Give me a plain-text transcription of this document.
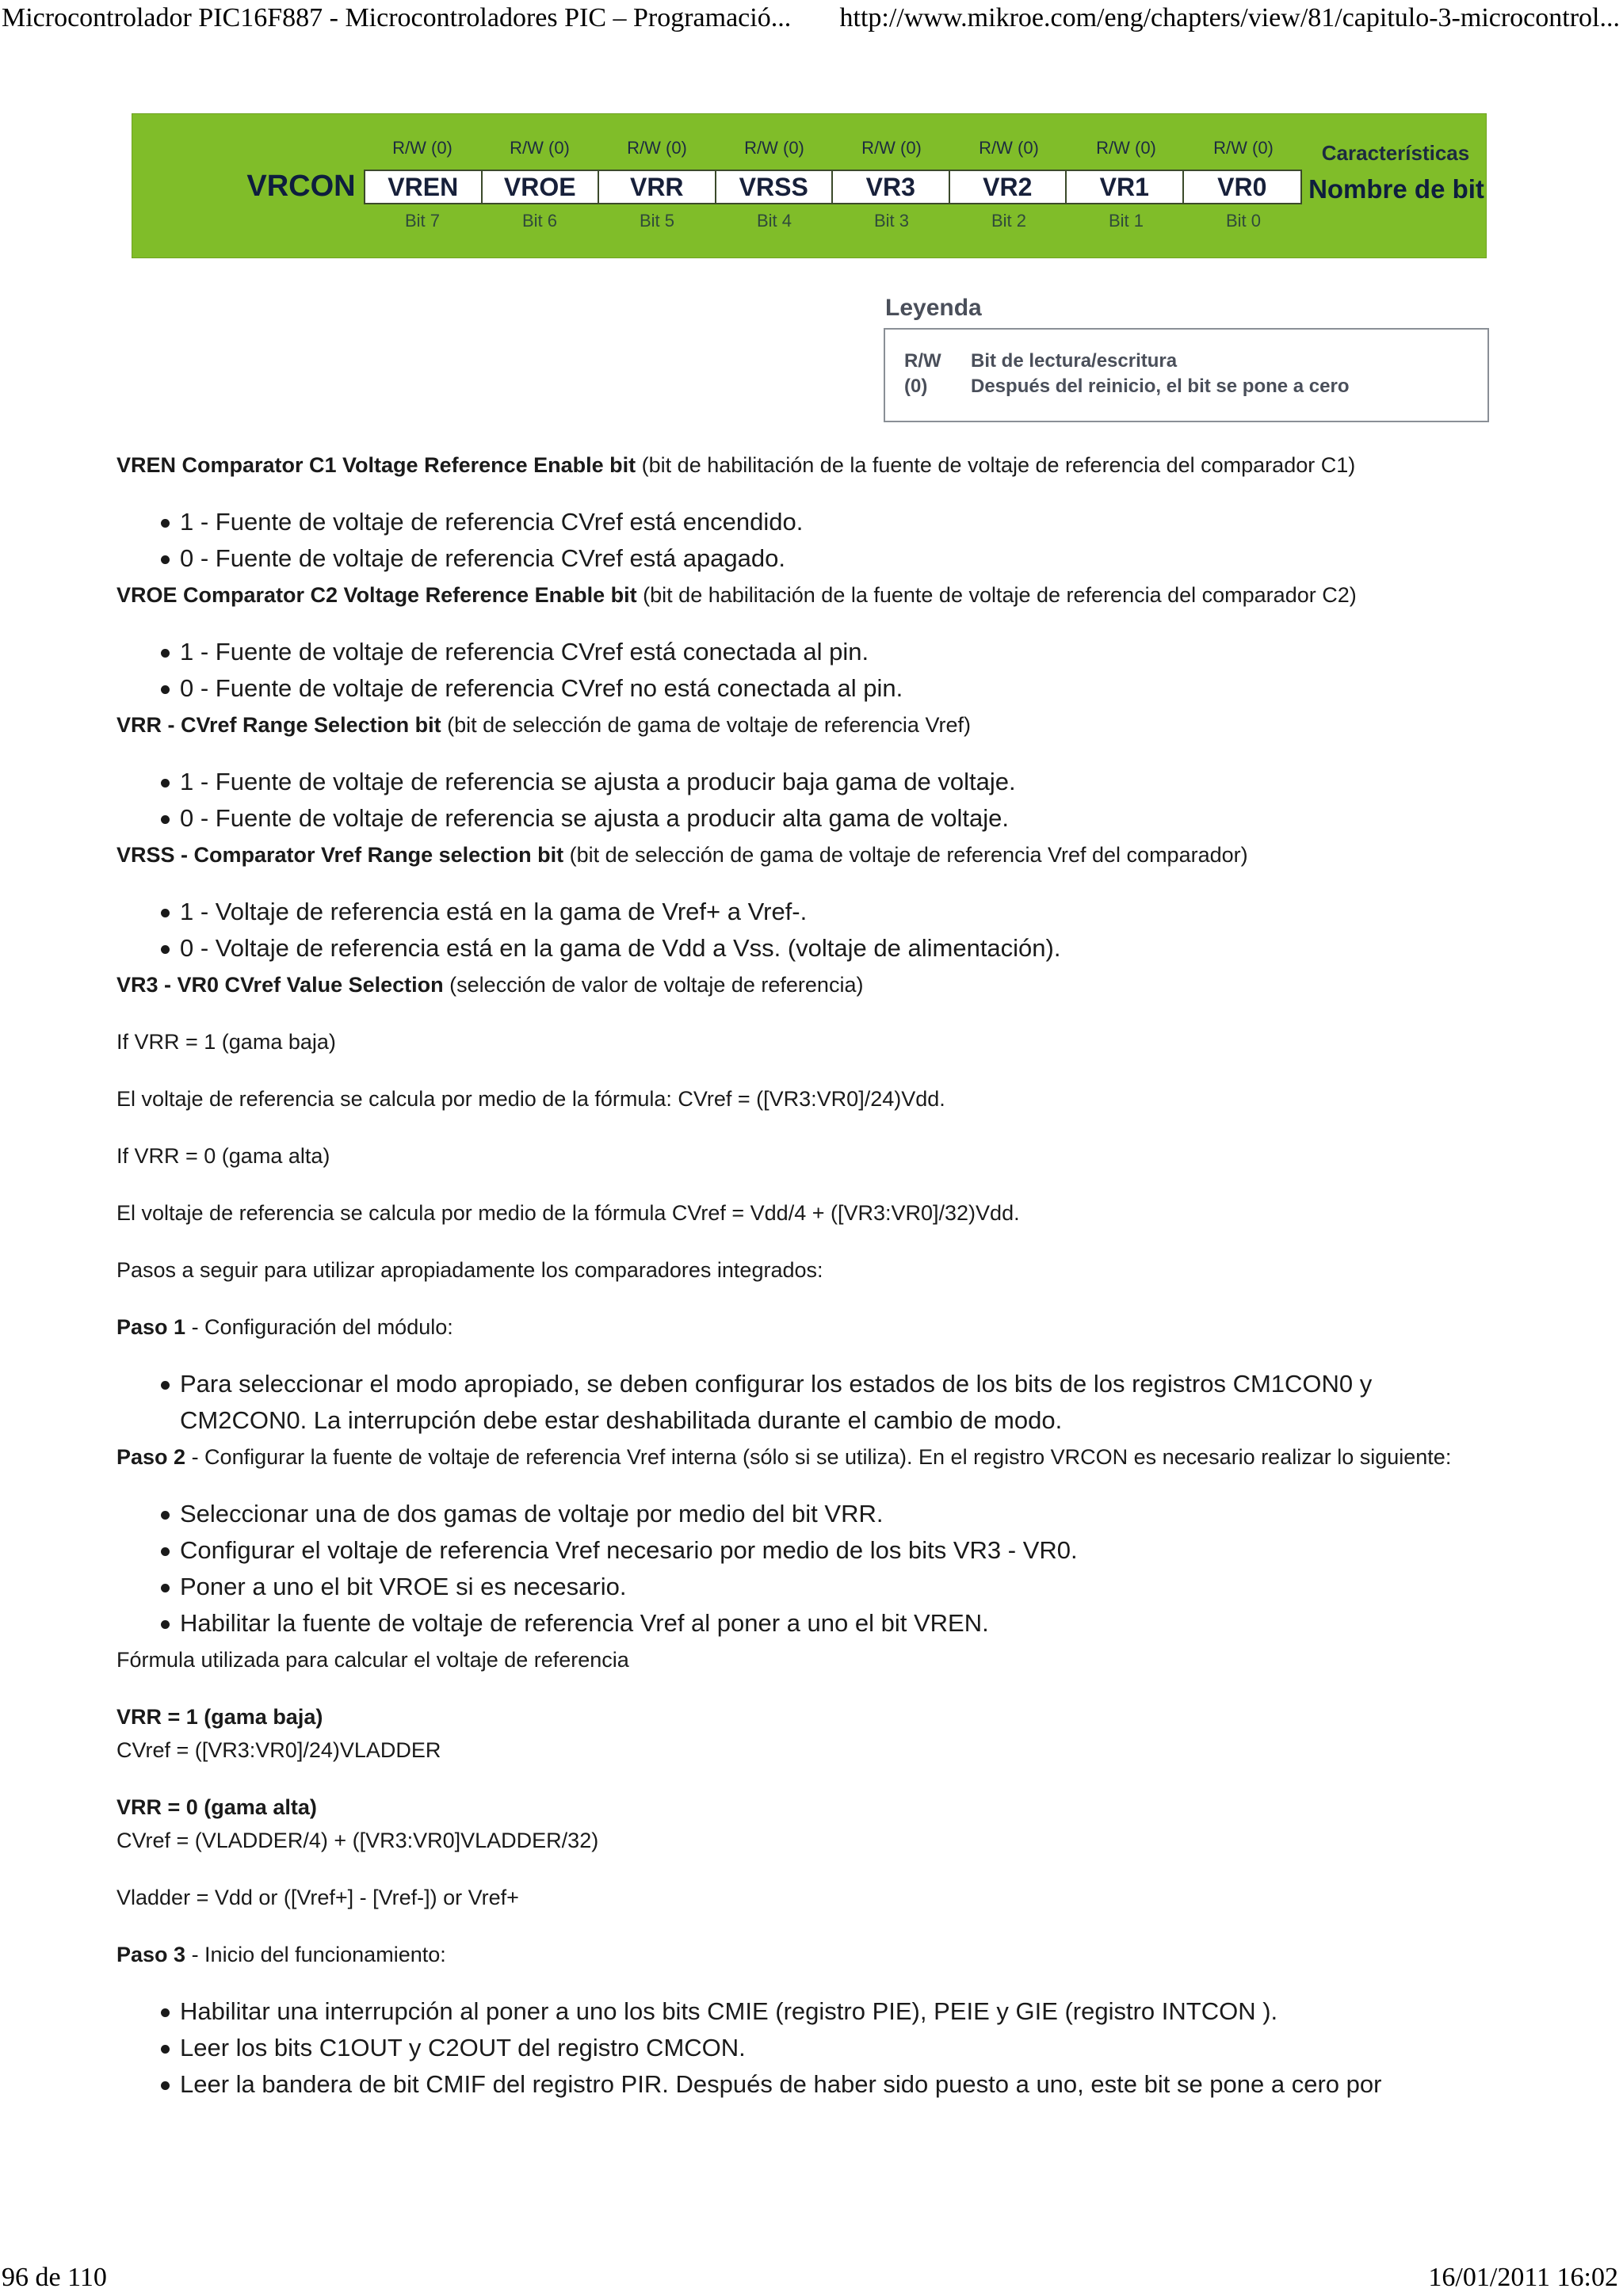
Microcontrolador PIC16F887 - Microcontroladores PIC – Programació... http://www.mikroe.com/eng/chapters/view/81/capitulo-3-microcontrol...
VRCON
R/W (0)	R/W (0)	R/W (0)	R/W (0)	R/W (0)	R/W (0)	R/W (0)	R/W (0)
VREN	VROE	VRR	VRSS	VR3	VR2	VR1	VR0
Bit 7	Bit 6	Bit 5	Bit 4	Bit 3	Bit 2	Bit 1	Bit 0
Características
Nombre de bit
Leyenda
R/W Bit de lectura/escritura
(0) Después del reinicio, el bit se pone a cero

VREN Comparator C1 Voltage Reference Enable bit (bit de habilitación de la fuente de voltaje de referencia del comparador C1)

1 - Fuente de voltaje de referencia CVref está encendido.
0 - Fuente de voltaje de referencia CVref está apagado.

VROE Comparator C2 Voltage Reference Enable bit (bit de habilitación de la fuente de voltaje de referencia del comparador C2)

1 - Fuente de voltaje de referencia CVref está conectada al pin.
0 - Fuente de voltaje de referencia CVref no está conectada al pin.

VRR - CVref Range Selection bit (bit de selección de gama de voltaje de referencia Vref)

1 - Fuente de voltaje de referencia se ajusta a producir baja gama de voltaje.
0 - Fuente de voltaje de referencia se ajusta a producir alta gama de voltaje.

VRSS - Comparator Vref Range selection bit (bit de selección de gama de voltaje de referencia Vref del comparador)

1 - Voltaje de referencia está en la gama de Vref+ a Vref-.
0 - Voltaje de referencia está en la gama de Vdd a Vss. (voltaje de alimentación).

VR3 - VR0 CVref Value Selection (selección de valor de voltaje de referencia)

If VRR = 1 (gama baja)

El voltaje de referencia se calcula por medio de la fórmula: CVref = ([VR3:VR0]/24)Vdd.

If VRR = 0 (gama alta)

El voltaje de referencia se calcula por medio de la fórmula CVref = Vdd/4 + ([VR3:VR0]/32)Vdd.

Pasos a seguir para utilizar apropiadamente los comparadores integrados:

Paso 1 - Configuración del módulo:

Para seleccionar el modo apropiado, se deben configurar los estados de los bits de los registros CM1CON0 y CM2CON0. La interrupción debe estar deshabilitada durante el cambio de modo.

Paso 2 - Configurar la fuente de voltaje de referencia Vref interna (sólo si se utiliza). En el registro VRCON es necesario realizar lo siguiente:

Seleccionar una de dos gamas de voltaje por medio del bit VRR.
Configurar el voltaje de referencia Vref necesario por medio de los bits VR3 - VR0.
Poner a uno el bit VROE si es necesario.
Habilitar la fuente de voltaje de referencia Vref al poner a uno el bit VREN.

Fórmula utilizada para calcular el voltaje de referencia

VRR = 1 (gama baja)

CVref = ([VR3:VR0]/24)VLADDER

VRR = 0 (gama alta)

CVref = (VLADDER/4) + ([VR3:VR0]VLADDER/32)

Vladder = Vdd or ([Vref+] - [Vref-]) or Vref+

Paso 3 - Inicio del funcionamiento:

Habilitar una interrupción al poner a uno los bits CMIE (registro PIE), PEIE y GIE (registro INTCON ).
Leer los bits C1OUT y C2OUT del registro CMCON.
Leer la bandera de bit CMIF del registro PIR. Después de haber sido puesto a uno, este bit se pone a cero por
96 de 110	16/01/2011 16:02
